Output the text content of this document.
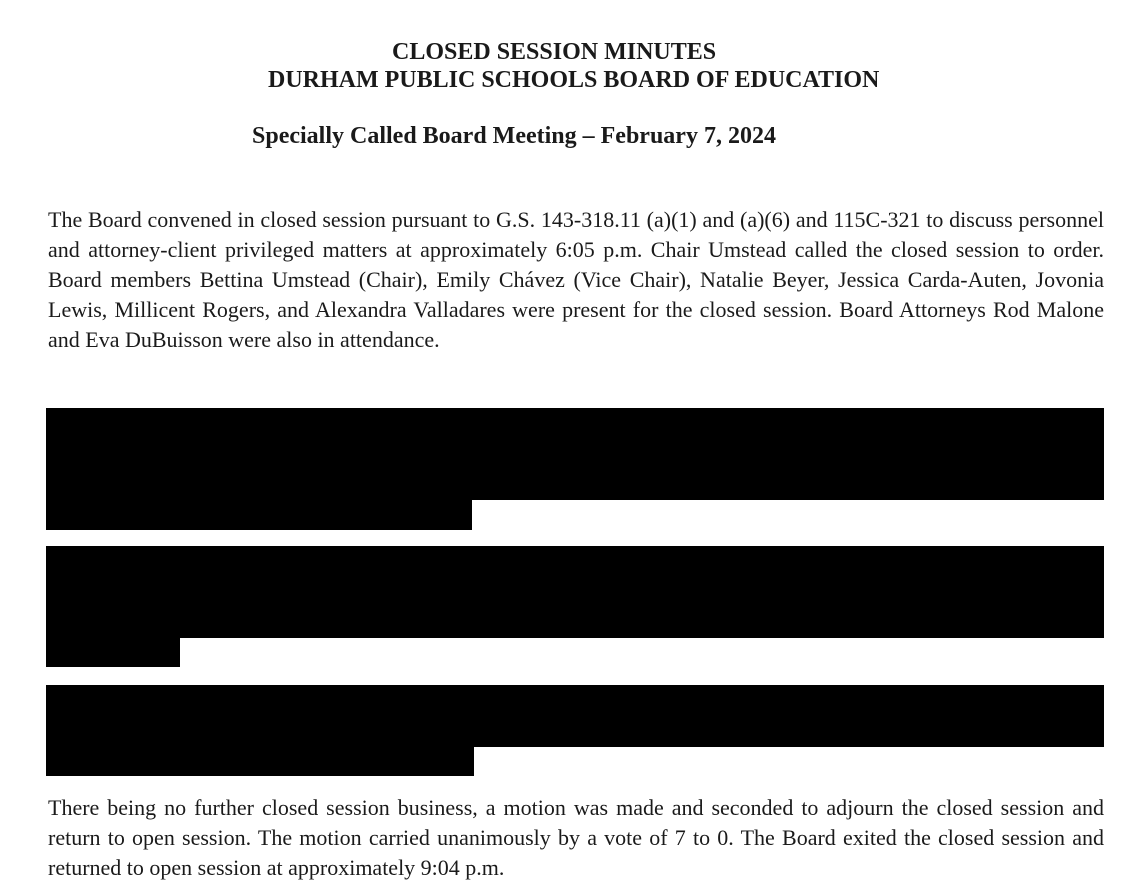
CLOSED SESSION MINUTES
DURHAM PUBLIC SCHOOLS BOARD OF EDUCATION
Specially Called Board Meeting – February 7, 2024
The Board convened in closed session pursuant to G.S. 143-318.11 (a)(1) and (a)(6) and 115C-321 to discuss personnel and attorney-client privileged matters at approximately 6:05 p.m. Chair Umstead called the closed session to order. Board members Bettina Umstead (Chair), Emily Chávez (Vice Chair), Natalie Beyer, Jessica Carda-Auten, Jovonia Lewis, Millicent Rogers, and Alexandra Valladares were present for the closed session. Board Attorneys Rod Malone and Eva DuBuisson were also in attendance.
There being no further closed session business, a motion was made and seconded to adjourn the closed session and return to open session. The motion carried unanimously by a vote of 7 to 0. The Board exited the closed session and returned to open session at approximately 9:04 p.m.
